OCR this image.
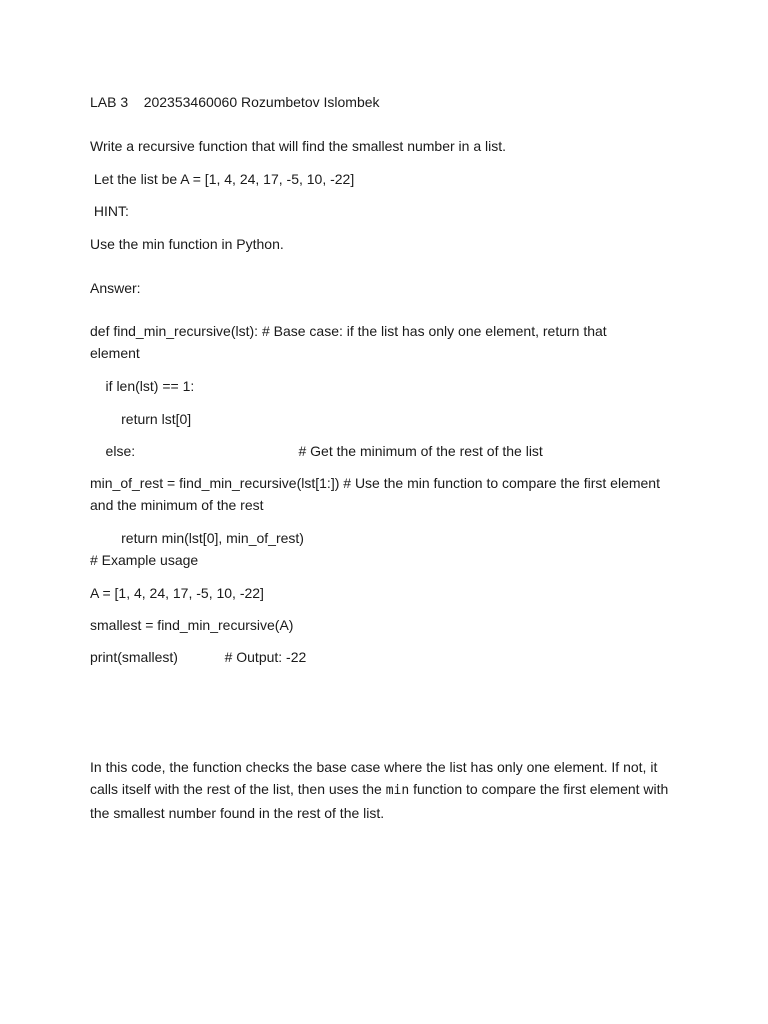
LAB 3    202353460060 Rozumbetov Islombek
Write a recursive function that will find the smallest number in a list.
Let the list be A = [1, 4, 24, 17, -5, 10, -22]
HINT:
Use the min function in Python.
Answer:
def find_min_recursive(lst): # Base case: if the list has only one element, return that element
if len(lst) == 1:
return lst[0]
else:                                          # Get the minimum of the rest of the list
min_of_rest = find_min_recursive(lst[1:]) # Use the min function to compare the first element and the minimum of the rest
return min(lst[0], min_of_rest)
# Example usage
A = [1, 4, 24, 17, -5, 10, -22]
smallest = find_min_recursive(A)
print(smallest)            # Output: -22
In this code, the function checks the base case where the list has only one element. If not, it calls itself with the rest of the list, then uses the min function to compare the first element with the smallest number found in the rest of the list.
